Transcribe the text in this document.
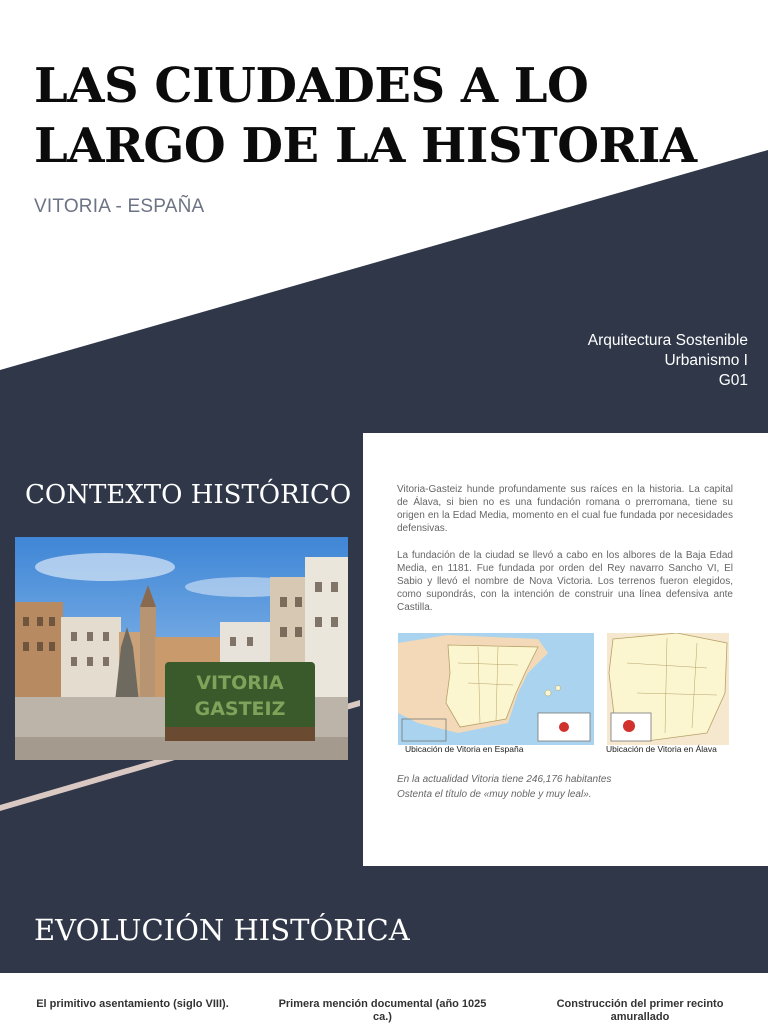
LAS CIUDADES A LO
LARGO DE LA HISTORIA
VITORIA - ESPAÑA
Arquitectura Sostenible
Urbanismo I
G01
CONTEXTO HISTÓRICO
VITORIA
GASTEIZ

Vitoria-Gasteiz hunde profundamente sus raíces en la historia. La capital de Álava, si bien no es una fundación romana o prerromana, tiene su origen en la Edad Media, momento en el cual fue fundada por necesidades defensivas.

La fundación de la ciudad se llevó a cabo en los albores de la Baja Edad Media, en 1181. Fue fundada por orden del Rey navarro Sancho VI, El Sabio y llevó el nombre de Nova Victoria. Los terrenos fueron elegidos, como supondrás, con la intención de construir una línea defensiva ante Castilla.

Ubicación de Vitoria en España	Ubicación de Vitoria en Álava

En la actualidad Vitoria tiene 246,176 habitantes

Ostenta el título de «muy noble y muy leal».

EVOLUCIÓN HISTÓRICA
El primitivo asentamiento (siglo VIII).	Primera mención documental (año 1025 ca.)
Construcción del primer recinto amurallado
